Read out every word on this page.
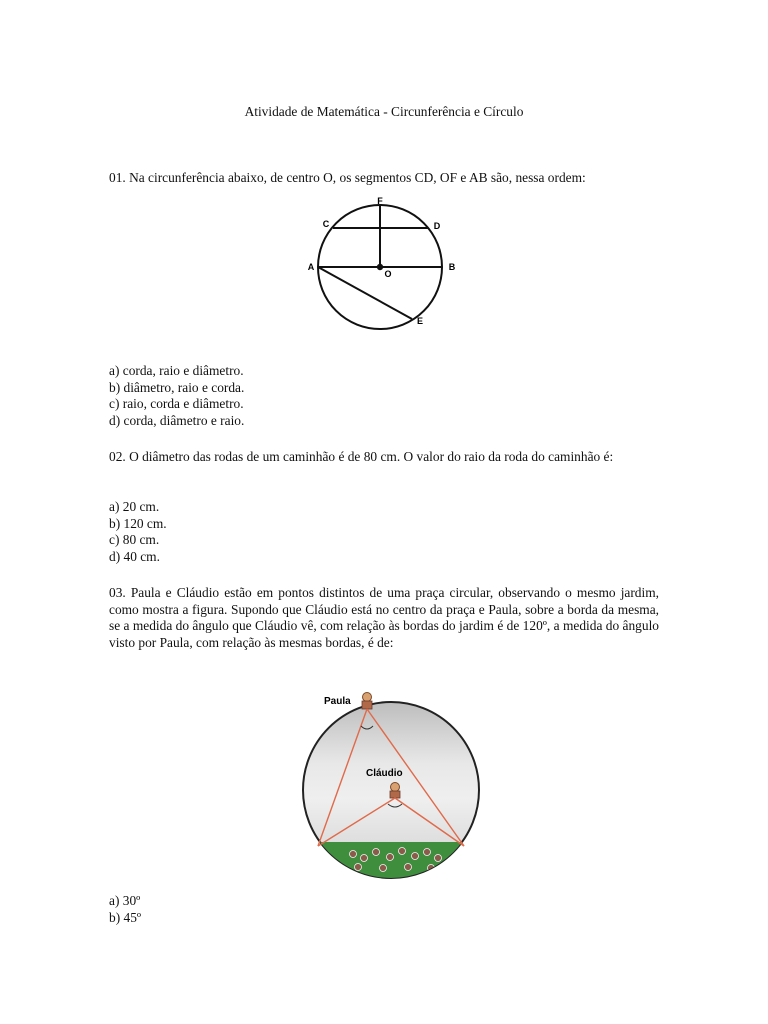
Atividade de Matemática - Circunferência e Círculo
01. Na circunferência abaixo, de centro O, os segmentos CD, OF e AB são, nessa ordem:
F
C	D
A
O
B
E
a) corda, raio e diâmetro.
b) diâmetro, raio e corda.
c) raio, corda e diâmetro.
d) corda, diâmetro e raio.
02. O diâmetro das rodas de um caminhão é de 80 cm. O valor do raio da roda do caminhão é:
a) 20 cm.
b) 120 cm.
c) 80 cm.
d) 40 cm.
03. Paula e Cláudio estão em pontos distintos de uma praça circular, observando o mesmo jardim, como mostra a figura. Supondo que Cláudio está no centro da praça e Paula, sobre a borda da mesma, se a medida do ângulo que Cláudio vê, com relação às bordas do jardim é de 120º, a medida do ângulo visto por Paula, com relação às mesmas bordas, é de:
Paula
Cláudio
a) 30º
b) 45º
